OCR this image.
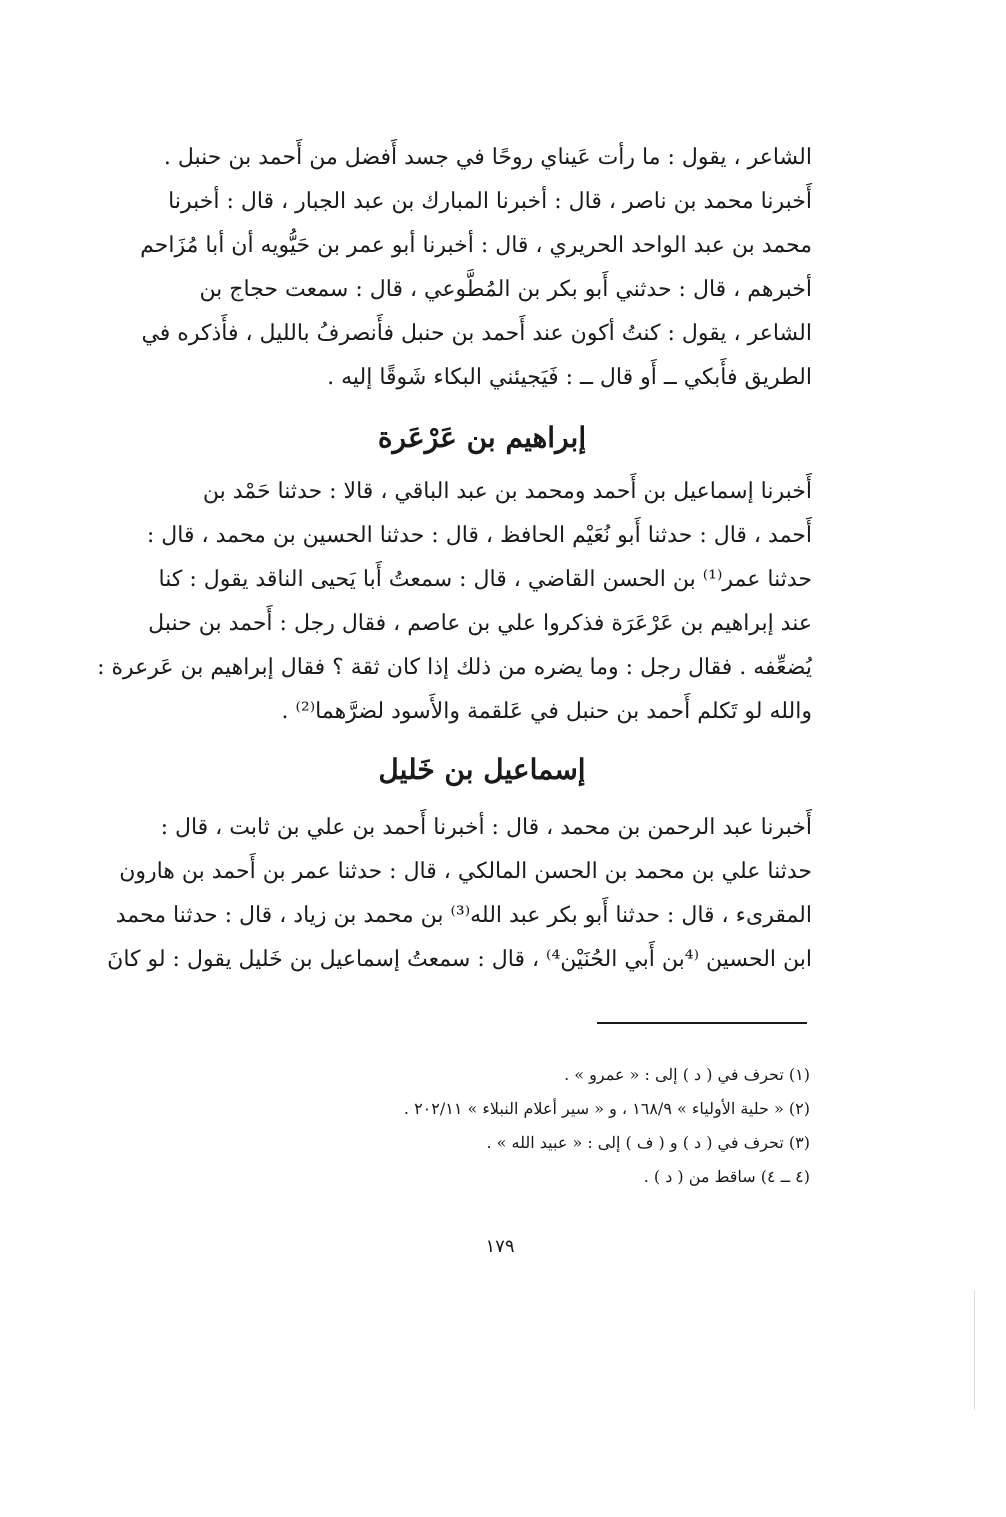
الشاعر ، يقول : ما رأت عَيناي روحًا في جسد أَفضل من أَحمد بن حنبل .
أَخبرنا محمد بن ناصر ، قال : أخبرنا المبارك بن عبد الجبار ، قال : أخبرنا
محمد بن عبد الواحد الحريري ، قال : أخبرنا أبو عمر بن حَيُّويه أن أبا مُزَاحم
أخبرهم ، قال : حدثني أَبو بكر بن المُطَّوعي ، قال : سمعت حجاج بن
الشاعر ، يقول : كنتُ أكون عند أَحمد بن حنبل فأَنصرفُ بالليل ، فأَذكره في
الطريق فأَبكي ــ أَو قال ــ : فَيَجيئني البكاء شَوقًا إليه .
إبراهيم بن عَرْعَرة
أَخبرنا إسماعيل بن أَحمد ومحمد بن عبد الباقي ، قالا : حدثنا حَمْد بن
أَحمد ، قال : حدثنا أَبو نُعَيْم الحافظ ، قال : حدثنا الحسين بن محمد ، قال :
حدثنا عمر⁽¹⁾ بن الحسن القاضي ، قال : سمعتُ أَبا يَحيى الناقد يقول : كنا
عند إبراهيم بن عَرْعَرَة فذكروا علي بن عاصم ، فقال رجل : أَحمد بن حنبل
يُضعِّفه . فقال رجل : وما يضره من ذلك إذا كان ثقة ؟ فقال إبراهيم بن عَرعرة :
والله لو تَكلم أَحمد بن حنبل في عَلقمة والأَسود لضرَّهما⁽²⁾ .
إسماعيل بن خَليل
أَخبرنا عبد الرحمن بن محمد ، قال : أخبرنا أَحمد بن علي بن ثابت ، قال :
حدثنا علي بن محمد بن الحسن المالكي ، قال : حدثنا عمر بن أَحمد بن هارون
المقرىء ، قال : حدثنا أَبو بكر عبد الله⁽³⁾ بن محمد بن زياد ، قال : حدثنا محمد
ابن الحسين ⁽⁴بن أَبي الحُنَيْن⁴⁾ ، قال : سمعتُ إسماعيل بن خَليل يقول : لو كانَ
(١) تحرف في ( د ) إلى : « عمرو » .
(٢) « حلية الأولياء » ١٦٨/٩ ، و « سير أعلام النبلاء » ٢٠٢/١١ .
(٣) تحرف في ( د ) و ( ف ) إلى : « عبيد الله » .
(٤ ــ ٤) ساقط من ( د ) .
١٧٩
